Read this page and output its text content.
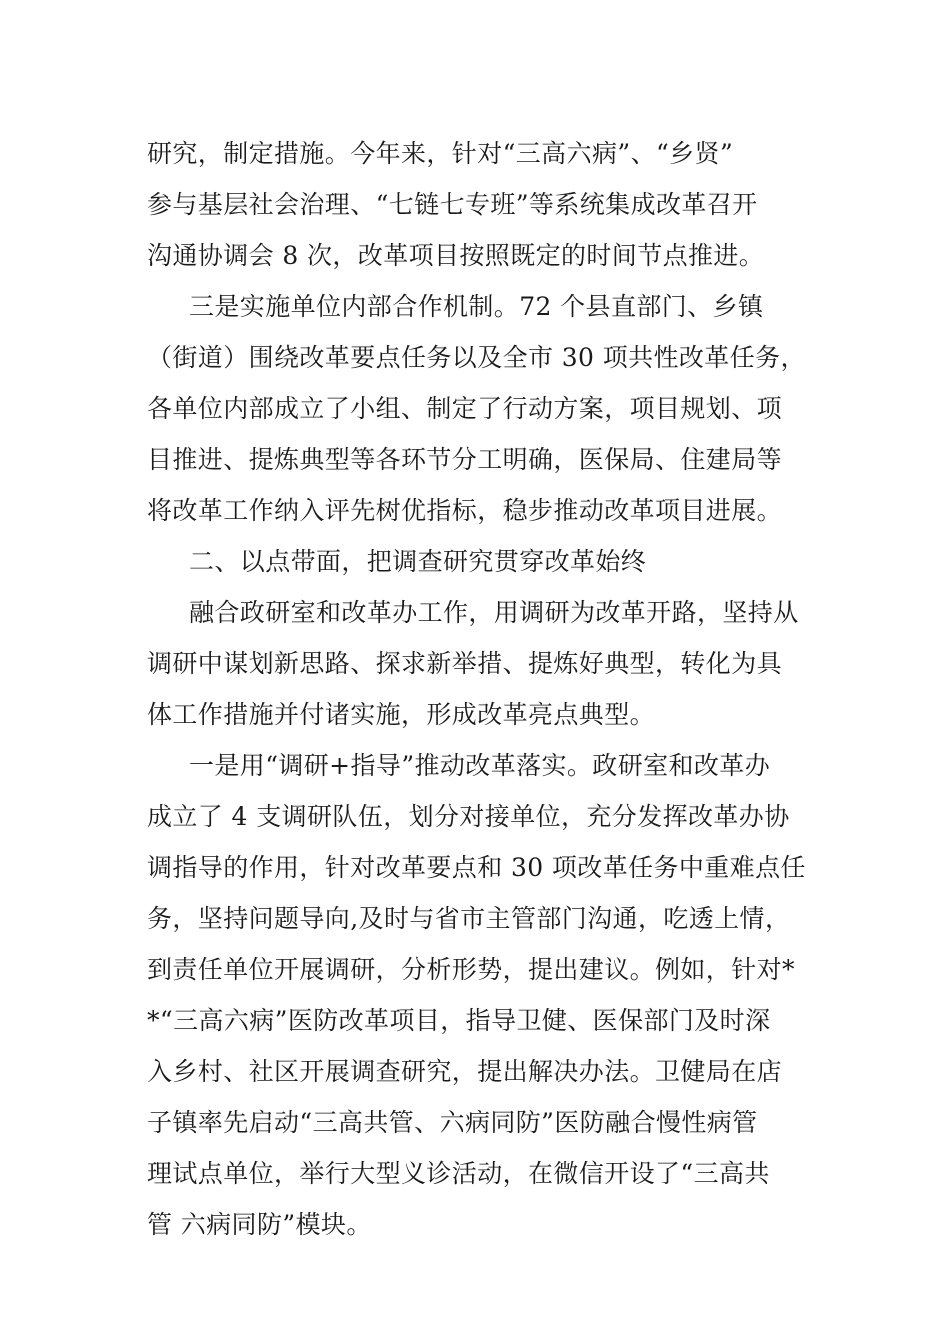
研究，制定措施。今年来，针对“三高六病”、“乡贤”
参与基层社会治理、“七链七专班”等系统集成改革召开
沟通协调会 8 次，改革项目按照既定的时间节点推进。
三是实施单位内部合作机制。72 个县直部门、乡镇
（街道）围绕改革要点任务以及全市 30 项共性改革任务，
各单位内部成立了小组、制定了行动方案，项目规划、项
目推进、提炼典型等各环节分工明确，医保局、住建局等
将改革工作纳入评先树优指标，稳步推动改革项目进展。
二、以点带面，把调查研究贯穿改革始终
融合政研室和改革办工作，用调研为改革开路，坚持从
调研中谋划新思路、探求新举措、提炼好典型，转化为具
体工作措施并付诸实施，形成改革亮点典型。
一是用“调研+指导”推动改革落实。政研室和改革办
成立了 4 支调研队伍，划分对接单位，充分发挥改革办协
调指导的作用，针对改革要点和 30 项改革任务中重难点任
务，坚持问题导向,及时与省市主管部门沟通，吃透上情，
到责任单位开展调研，分析形势，提出建议。例如，针对*
*“三高六病”医防改革项目，指导卫健、医保部门及时深
入乡村、社区开展调查研究，提出解决办法。卫健局在店
子镇率先启动“三高共管、六病同防”医防融合慢性病管
理试点单位，举行大型义诊活动，在微信开设了“三高共
管 六病同防”模块。
